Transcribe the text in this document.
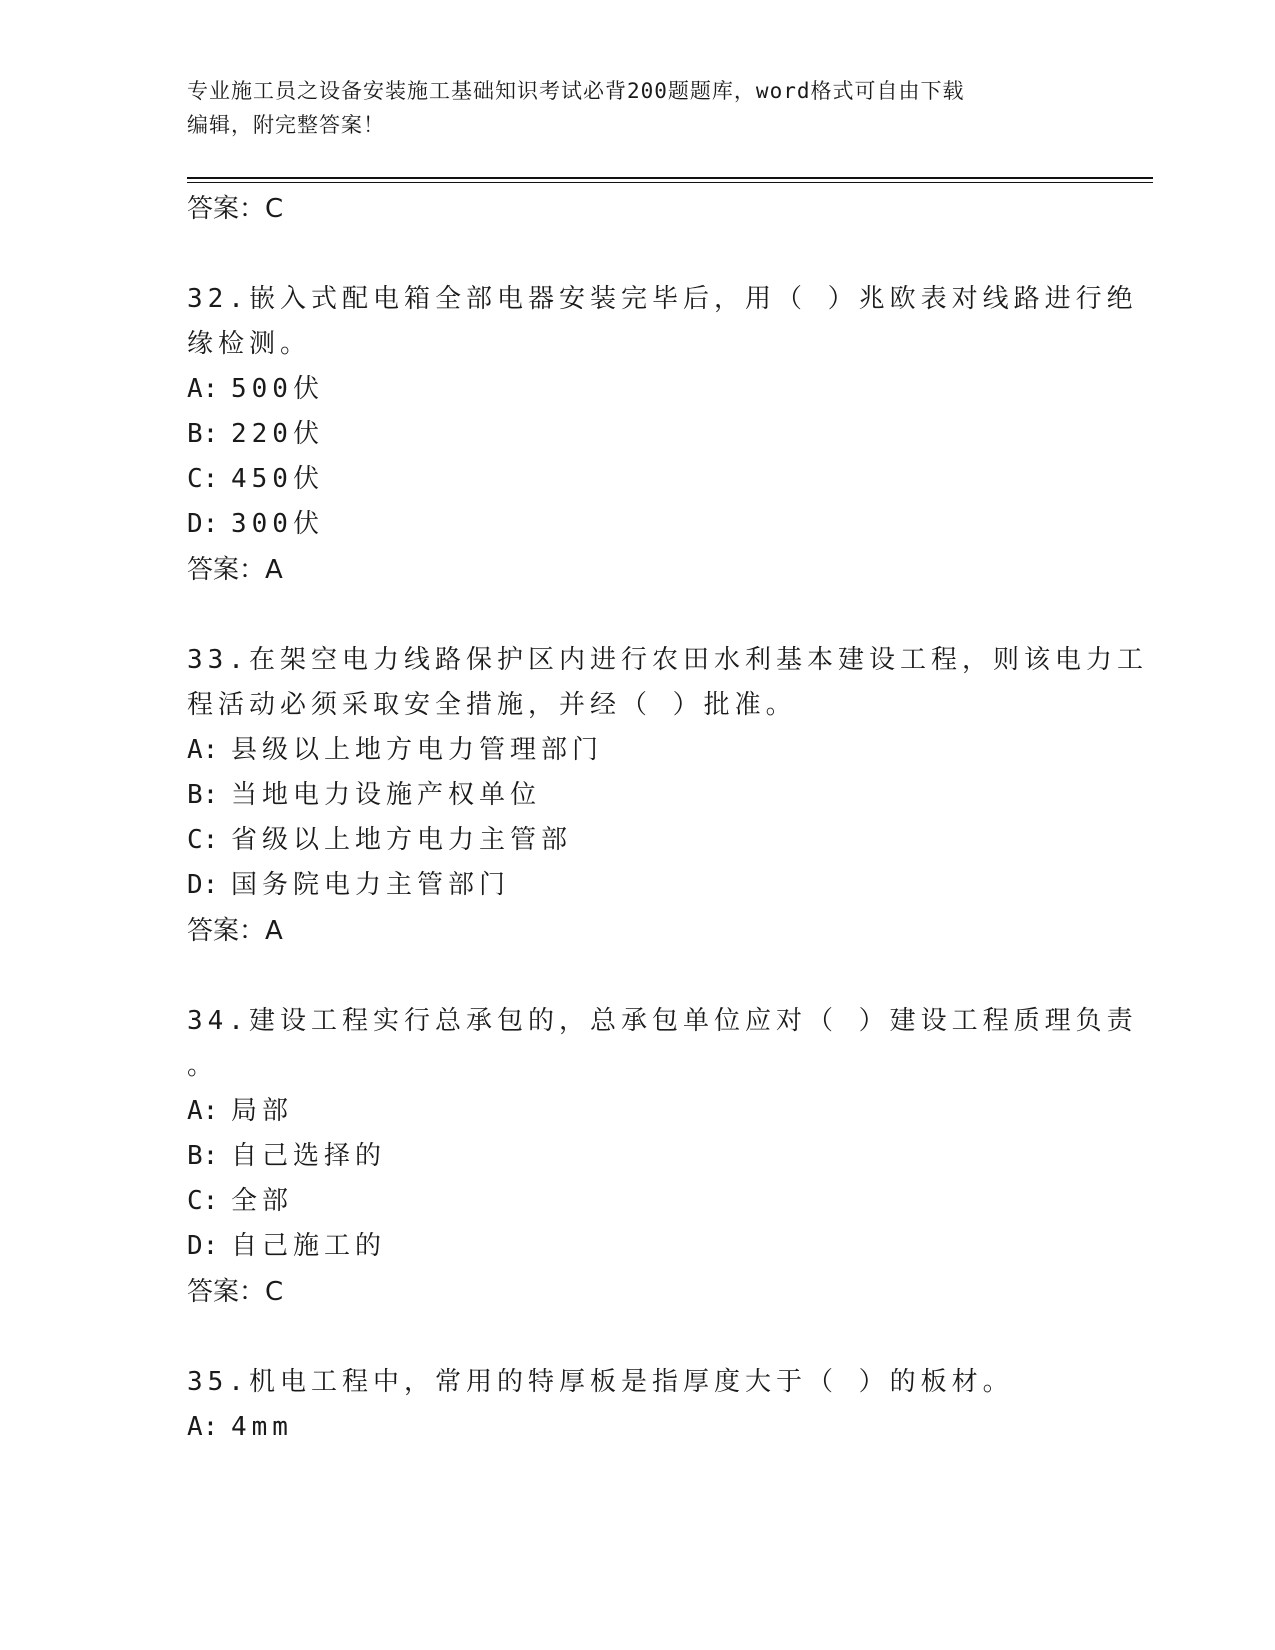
专业施工员之设备安装施工基础知识考试必背200题题库，word格式可自由下载
编辑，附完整答案！
答案：C
32.嵌入式配电箱全部电器安装完毕后，用（ ）兆欧表对线路进行绝
缘检测。
A: 500伏
B: 220伏
C: 450伏
D: 300伏
答案：A
33.在架空电力线路保护区内进行农田水利基本建设工程，则该电力工
程活动必须采取安全措施，并经（ ）批准。
A: 县级以上地方电力管理部门
B: 当地电力设施产权单位
C: 省级以上地方电力主管部
D: 国务院电力主管部门
答案：A
34.建设工程实行总承包的，总承包单位应对（ ）建设工程质理负责
。
A: 局部
B: 自己选择的
C: 全部
D: 自己施工的
答案：C
35.机电工程中，常用的特厚板是指厚度大于（ ）的板材。
A: 4mm
